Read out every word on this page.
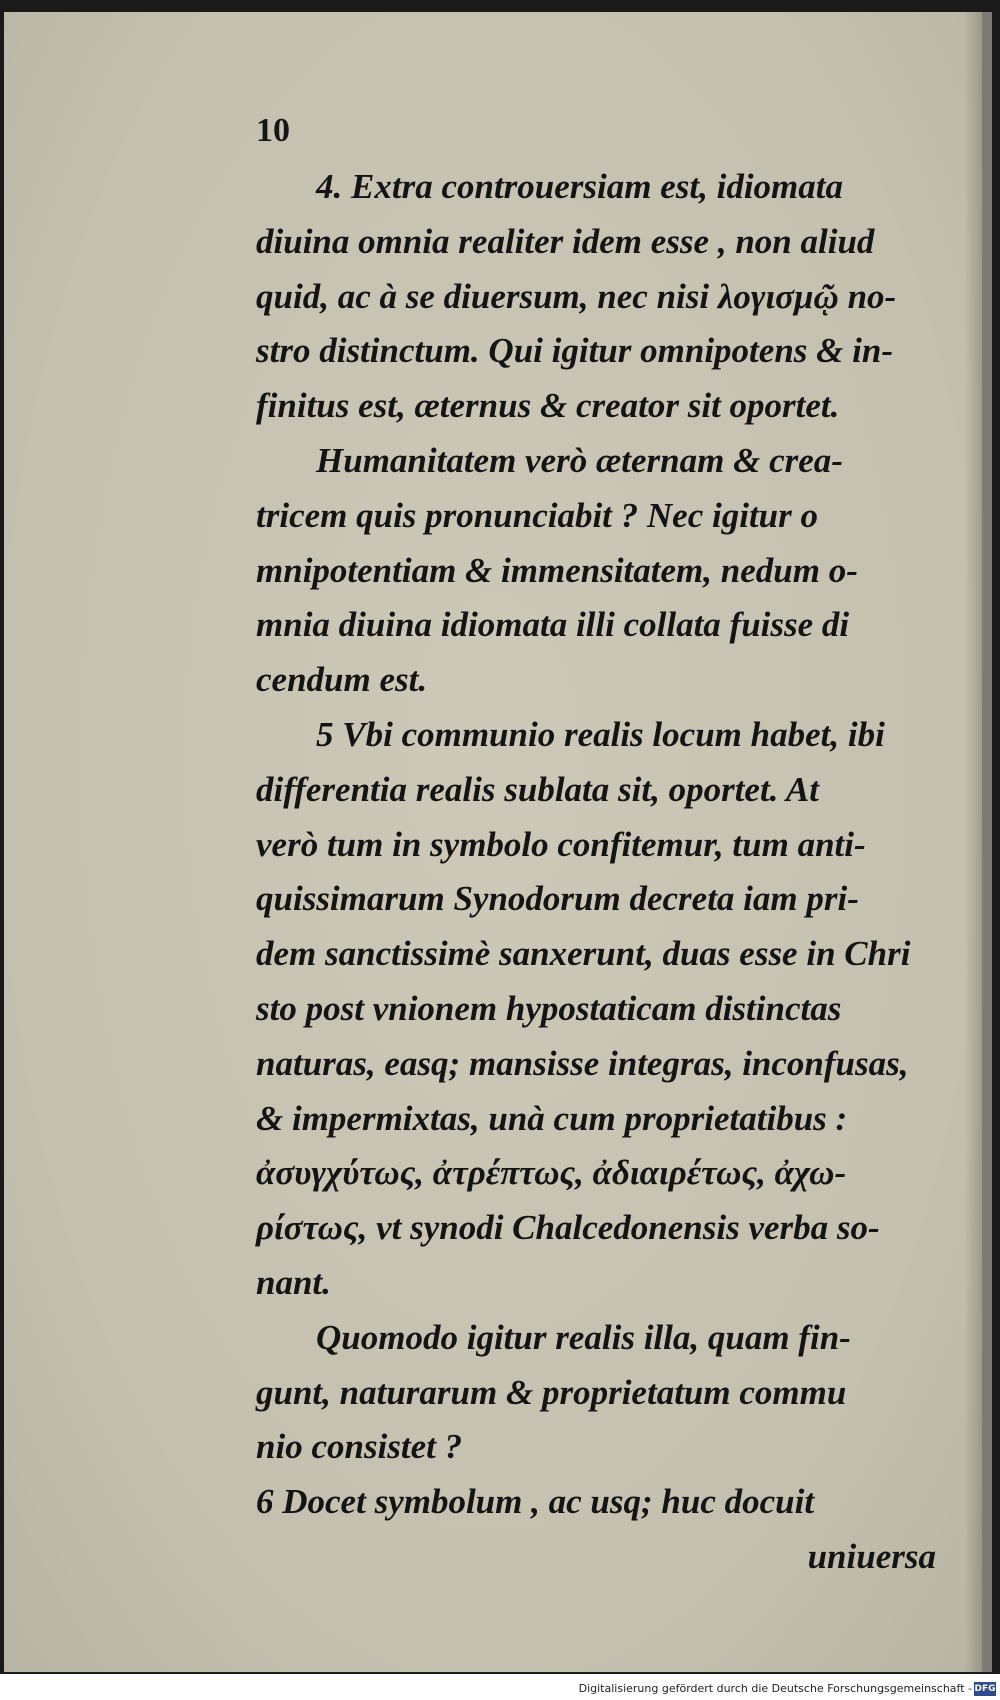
10
4. Extra controuersiam est, idiomata
diuina omnia realiter idem esse , non aliud
quid, ac à se diuersum, nec nisi λογισμῷ no-
stro distinctum. Qui igitur omnipotens & in-
finitus est, æternus & creator sit oportet.
Humanitatem verò æternam & crea-
tricem quis pronunciabit ? Nec igitur o
mnipotentiam & immensitatem, nedum o-
mnia diuina idiomata illi collata fuisse di
cendum est.
5 Vbi communio realis locum habet, ibi
differentia realis sublata sit, oportet. At
verò tum in symbolo confitemur, tum anti-
quissimarum Synodorum decreta iam pri-
dem sanctissimè sanxerunt, duas esse in Chri
sto post vnionem hypostaticam distinctas
naturas, easq; mansisse integras, inconfusas,
& impermixtas, unà cum proprietatibus :
ἀσυγχύτως, ἀτρέπτως, ἀδιαιρέτως, ἀχω-
ρίστως, vt synodi Chalcedonensis verba so-
nant.
Quomodo igitur realis illa, quam fin-
gunt, naturarum & proprietatum commu
nio consistet ?
6 Docet symbolum , ac usq; huc docuit
uniuersa
Digitalisierung gefördert durch die Deutsche Forschungsgemeinschaft - DFG
